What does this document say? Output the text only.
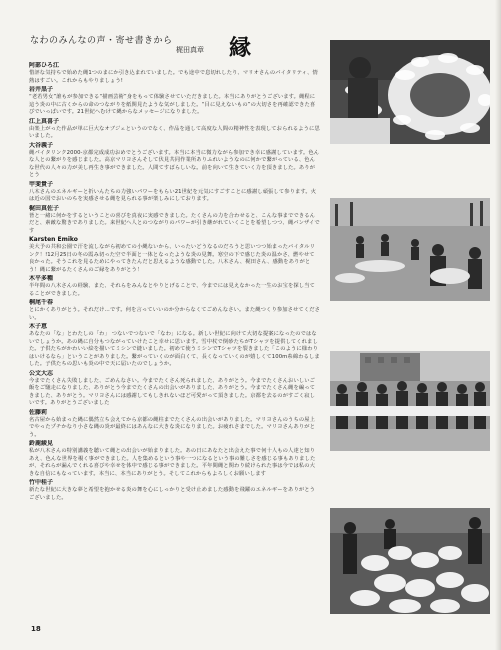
なわのみんなの声・寄せ書きから	縁
梶田真章
阿部ひろ江
惜評な気持ちで始めた縄1つのまにか引き込まれていました。でも途中で息切れしたり、マリオさんのバイタリティ、情熱はすごい。これからもやりましょう!
岩井黒子
“老若男女”誰もが参加できる“描画芸術”身をもって体験させていただきました。本当にありがとうございます。縄程に這う炎の中に古くからの命のつながりを紙関見たような気がしました。“目に見えないもの”の大切さを再確認できた喜びでいっぱいです。21世紀へむけて縄からなメッセージになりました。
江上真喜子
由楽上がった作品が単に巨大なオブジェというのでなく、作品を通して高度な人間の精神性を表現しておられるように思いました。
大谷義子
縄パイタリンク2000-京都完成成功おめでとうございます。本当に本当に微力ながら参加でき幸に感謝しています。色んな人との繋がりを感じました。高京マリヨさんそして伏見共同作業所ありふれいようなのに何かで繋がっている、色んな世代の人々の力が美し再生き事ができました。人間てすばらしいな。前を向いて生きていく力を頂きました。ありがとう
甲斐貴子
八木さんのエネルギーと折いんたちの力強いパワーをもらい21世紀を元気にすごすことに感謝し頑張して参ります。火は近の国でおいのちを実感させる縄を見られる事が楽しみにしております。
梶田真佐子
皆と一緒に何かをするということの喜びを真夜に実感できました。たくさんの力を合わせると、こんな事までできるんだと、素敵な驚きでありました。来世紀へ人とのつながりのパワーが引き継がれていくことを希望しつつ、縄バンザイです
Karsten Emiko
美大予の共和公園で汗を流しながら初めての小縄ないから、いったいどうなるのだろうと思いつつ始まったバイタルリンク！!12月25日の冬の霞み切った空で半面と一体となったような炎の見舞。寒空の下で感じた炎の温かさ、燃やせて良かった。そうこれを見るためにやってきたんだと思えるような感動でした。八木さん、梶田さん、感動をありがとう！縄に繋がるたくさんのご縁をありがとう！
木平多種
半年間の八木さんの経験、また、それらをみんなとやりとげることで、今までには見えなかった一生のお宝を探し当てることができました。
桐尾千春
とにかくありがとう。それだけ…です。何を言っていいのか分からなくてごめんなさい。また縄つくり参加させてください。
木子恵
あなたの「な」とわたしの「わ」 つないでつないで「なわ」になる。新しい世紀に向けて大切な提案になったのではないでしょうか。あの縄に自分もつながっていけたこと幸せに思います。雪中杖で倒砂たちがTシャツを提供してくれました。子供たちがかわいい絵を描いてミシンで縫いました。初めて使うミシンでTシャツを裂きました「このように様わりはいけるなら」ということがありました。繋がっていくのが面白くて、長くなっていくのが嬉しくて100m糸綿わるしました。子供たちの思いも炎の中で天に届いたのでしょうか。
公文大志
今までたくさん失敗しました、ごめんなさい。今までたくさん死られました、ありがとう。今までたくさんおいしいご飯をご馳走になりました、ありがとう今までたくさんの出会いがありました、ありがとう。今までたくさん縄を編ってきました、ありがとう。マリヨさんには感謝してもしきれないほど可愛がって頂きました。京都を去るのがすごく寂しいです。ありがとうございました
佐藤莉
名古屋から始まった縄に偶然立ち会えてから京都の縄柱までたくさんの出会いがありました。マリヨさんのうちの屋上でやったプチかなり小さな縄の炎が最終にはあんなに大きな炎になりました。お疲れさまでした。マリヨさんありがとう。
鈴鹿綾見
私が八木さんの特別講義を聴いて縄との出会いが始まりました。あの日にあなたと出会えた事で何十人もの人達と知りあえ、色んな世界を覗く事ができました。人を集めるという事や一つになるという事の難しさを感じる事もありましたが、それらが漏んでくれる喜びや幸せを体中で感じる事ができました。平年間縄と関わり続けられた事は今では私の大きな自信にもなっています。本当に、本当にありがとう。そしてこれからもよろしくお願いします
竹中桂子
新たな世紀に大きな夢と希望を抱かせる炎の舞を心にしっかりと受け止めました感動を飛躍のエネルギーをありがとうございました。
18
